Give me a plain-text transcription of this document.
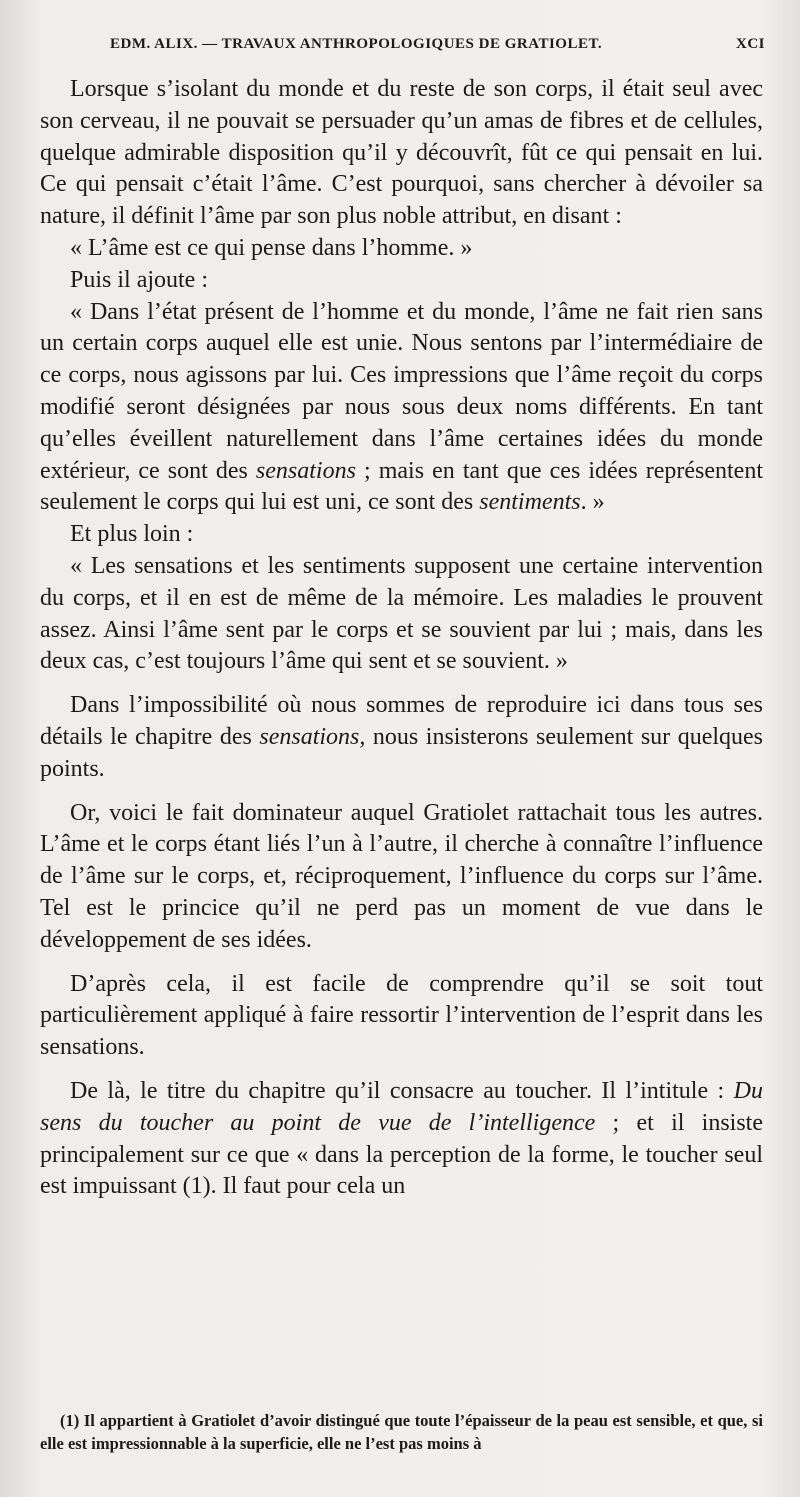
EDM. ALIX. — TRAVAUX ANTHROPOLOGIQUES DE GRATIOLET.	XCI

Lorsque s’isolant du monde et du reste de son corps, il était seul avec son cerveau, il ne pouvait se persuader qu’un amas de fibres et de cellules, quelque admirable disposition qu’il y découvrît, fût ce qui pensait en lui. Ce qui pensait c’était l’âme. C’est pourquoi, sans chercher à dévoiler sa nature, il définit l’âme par son plus noble attribut, en disant :

« L’âme est ce qui pense dans l’homme. »

Puis il ajoute :

« Dans l’état présent de l’homme et du monde, l’âme ne fait rien sans un certain corps auquel elle est unie. Nous sentons par l’intermédiaire de ce corps, nous agissons par lui. Ces impressions que l’âme reçoit du corps modifié seront désignées par nous sous deux noms différents. En tant qu’elles éveillent naturellement dans l’âme certaines idées du monde extérieur, ce sont des sensations ; mais en tant que ces idées représentent seulement le corps qui lui est uni, ce sont des sentiments. »

Et plus loin :

« Les sensations et les sentiments supposent une certaine intervention du corps, et il en est de même de la mémoire. Les maladies le prouvent assez. Ainsi l’âme sent par le corps et se souvient par lui ; mais, dans les deux cas, c’est toujours l’âme qui sent et se souvient. »

Dans l’impossibilité où nous sommes de reproduire ici dans tous ses détails le chapitre des sensations, nous insisterons seulement sur quelques points.

Or, voici le fait dominateur auquel Gratiolet rattachait tous les autres. L’âme et le corps étant liés l’un à l’autre, il cherche à connaître l’influence de l’âme sur le corps, et, réciproquement, l’influence du corps sur l’âme. Tel est le princice qu’il ne perd pas un moment de vue dans le développement de ses idées.

D’après cela, il est facile de comprendre qu’il se soit tout particulièrement appliqué à faire ressortir l’intervention de l’esprit dans les sensations.

De là, le titre du chapitre qu’il consacre au toucher. Il l’intitule : Du sens du toucher au point de vue de l’intelligence ; et il insiste principalement sur ce que « dans la perception de la forme, le toucher seul est impuissant (1). Il faut pour cela un

(1) Il appartient à Gratiolet d’avoir distingué que toute l’épaisseur de la peau est sensible, et que, si elle est impressionnable à la superficie, elle ne l’est pas moins à
